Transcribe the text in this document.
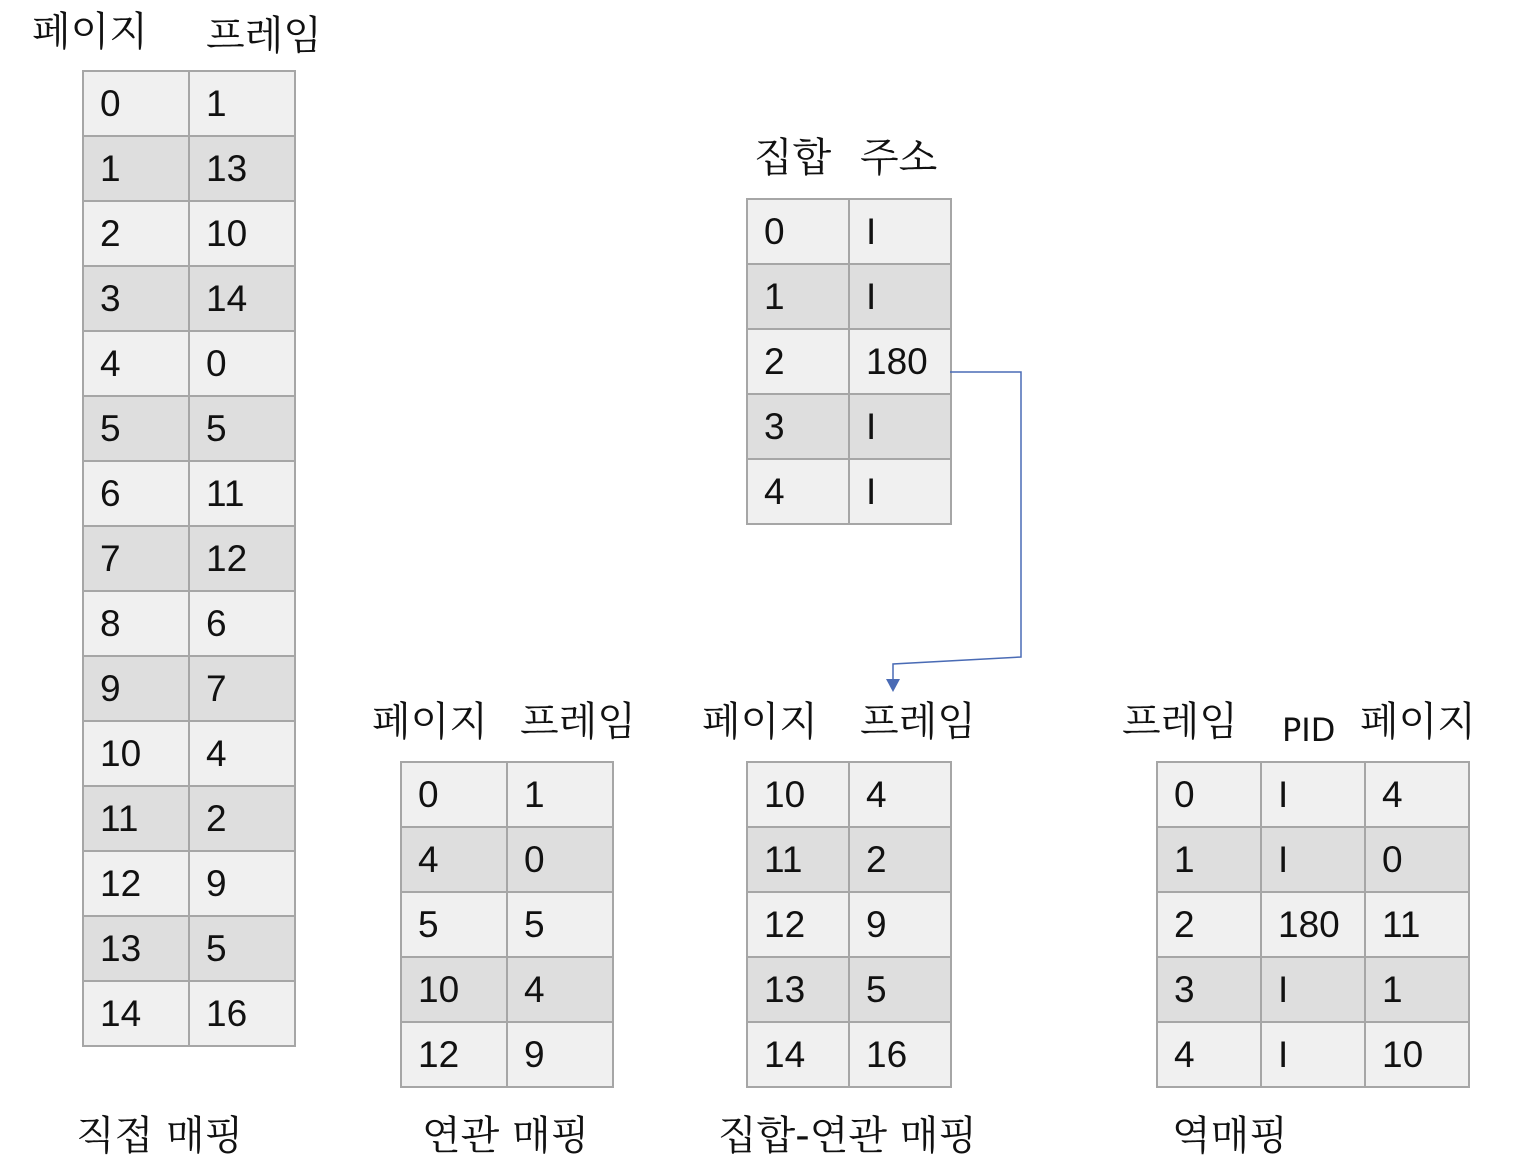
페이지 프레임
0	1
1	13
2	10
3	14
4	0
5	5
6	11
7	12
8	6
9	7
10	4
11	2
12	9
13	5
14	16
직접 매핑
집합 주소
0	I
1	I
2	180
3	I
4	I
페이지 프레임
0	1
4	0
5	5
10	4
12	9
연관 매핑
페이지 프레임
10	4
11	2
12	9
13	5
14	16
집합-연관 매핑
프레임 PID 페이지
0	I	4
1	I	0
2	180	11
3	I	1
4	I	10
역매핑
